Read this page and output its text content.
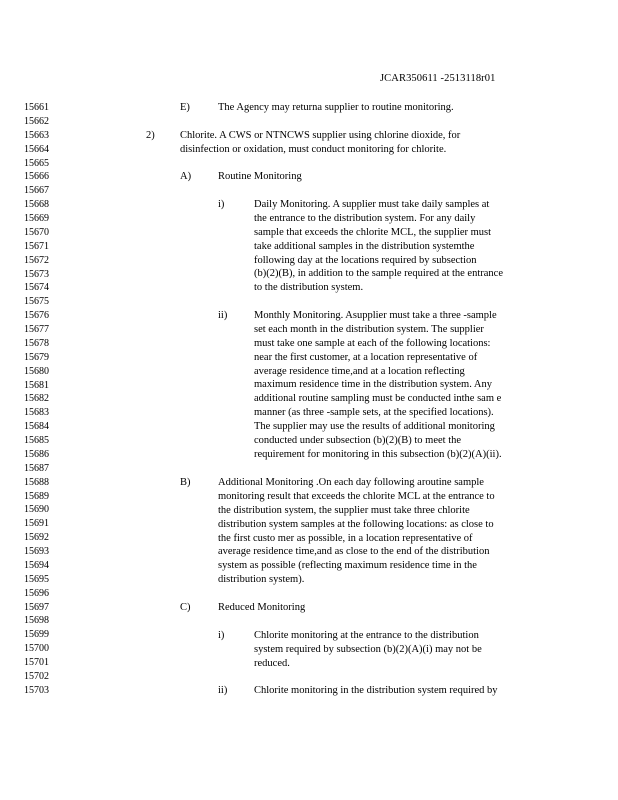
JCAR350611 -2513118r01
15661
15662
15663
15664
15665
15666
15667
15668
15669
15670
15671
15672
15673
15674
15675
15676
15677
15678
15679
15680
15681
15682
15683
15684
15685
15686
15687
15688
15689
15690
15691
15692
15693
15694
15695
15696
15697
15698
15699
15700
15701
15702
15703
E)	The Agency may returna supplier to routine monitoring.
2) Chlorite. A CWS or NTNCWS supplier using chlorine dioxide, for
disinfection or oxidation, must conduct monitoring for chlorite.
A)	Routine Monitoring
i)	Daily Monitoring. A supplier must take daily samples at
the entrance to the distribution system. For any daily
sample that exceeds the chlorite MCL, the supplier must
take additional samples in the distribution systemthe
following day at the locations required by subsection
(b)(2)(B), in addition to the sample required at the entrance
to the distribution system.
ii)	Monthly Monitoring. Asupplier must take a three -sample
set each month in the distribution system. The supplier
must take one sample at each of the following locations:
near the first customer, at a location representative of
average residence time,and at a location reflecting
maximum residence time in the distribution system. Any
additional routine sampling must be conducted inthe sam e
manner (as three -sample sets, at the specified locations).
The supplier may use the results of additional monitoring
conducted under subsection (b)(2)(B) to meet the
requirement for monitoring in this subsection (b)(2)(A)(ii).
B)	Additional Monitoring .On each day following aroutine sample
monitoring result that exceeds the chlorite MCL at the entrance to
the distribution system, the supplier must take three chlorite
distribution system samples at the following locations: as close to
the first custo mer as possible, in a location representative of
average residence time,and as close to the end of the distribution
system as possible (reflecting maximum residence time in the
distribution system).
C)	Reduced Monitoring
i)	Chlorite monitoring at the entrance to the distribution
system required by subsection (b)(2)(A)(i) may not be
reduced.
ii)	Chlorite monitoring in the distribution system required by
